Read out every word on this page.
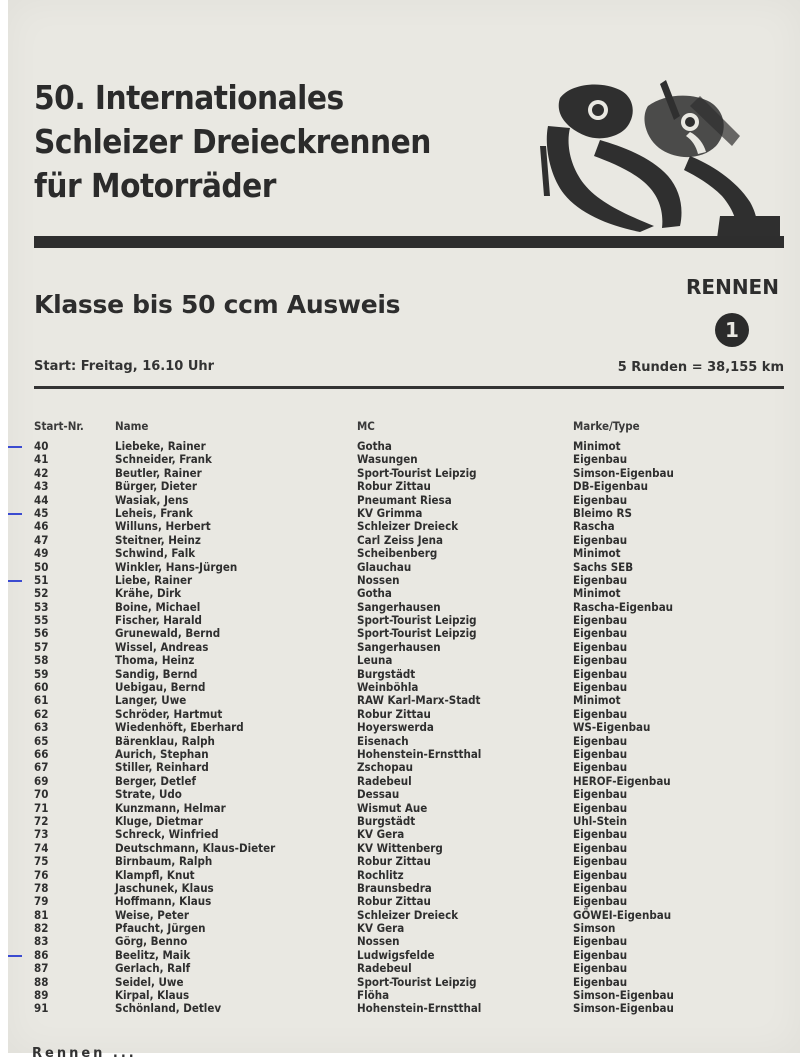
50. Internationales
Schleizer Dreieckrennen
für Motorräder
Klasse bis 50 ccm Ausweis
RENNEN
1
Start: Freitag, 16.10 Uhr	5 Runden = 38,155 km
Start-Nr.	Name	MC	Marke/Type
40	Liebeke, Rainer	Gotha	Minimot
41	Schneider, Frank	Wasungen	Eigenbau
42	Beutler, Rainer	Sport-Tourist Leipzig	Simson-Eigenbau
43	Bürger, Dieter	Robur Zittau	DB-Eigenbau
44	Wasiak, Jens	Pneumant Riesa	Eigenbau
45	Leheis, Frank	KV Grimma	Bleimo RS
46	Willuns, Herbert	Schleizer Dreieck	Rascha
47	Steitner, Heinz	Carl Zeiss Jena	Eigenbau
49	Schwind, Falk	Scheibenberg	Minimot
50	Winkler, Hans-Jürgen	Glauchau	Sachs SEB
51	Liebe, Rainer	Nossen	Eigenbau
52	Krähe, Dirk	Gotha	Minimot
53	Boine, Michael	Sangerhausen	Rascha-Eigenbau
55	Fischer, Harald	Sport-Tourist Leipzig	Eigenbau
56	Grunewald, Bernd	Sport-Tourist Leipzig	Eigenbau
57	Wissel, Andreas	Sangerhausen	Eigenbau
58	Thoma, Heinz	Leuna	Eigenbau
59	Sandig, Bernd	Burgstädt	Eigenbau
60	Uebigau, Bernd	Weinböhla	Eigenbau
61	Langer, Uwe	RAW Karl-Marx-Stadt	Minimot
62	Schröder, Hartmut	Robur Zittau	Eigenbau
63	Wiedenhöft, Eberhard	Hoyerswerda	WS-Eigenbau
65	Bärenklau, Ralph	Eisenach	Eigenbau
66	Aurich, Stephan	Hohenstein-Ernstthal	Eigenbau
67	Stiller, Reinhard	Zschopau	Eigenbau
69	Berger, Detlef	Radebeul	HEROF-Eigenbau
70	Strate, Udo	Dessau	Eigenbau
71	Kunzmann, Helmar	Wismut Aue	Eigenbau
72	Kluge, Dietmar	Burgstädt	Uhl-Stein
73	Schreck, Winfried	KV Gera	Eigenbau
74	Deutschmann, Klaus-Dieter	KV Wittenberg	Eigenbau
75	Birnbaum, Ralph	Robur Zittau	Eigenbau
76	Klampfl, Knut	Rochlitz	Eigenbau
78	Jaschunek, Klaus	Braunsbedra	Eigenbau
79	Hoffmann, Klaus	Robur Zittau	Eigenbau
81	Weise, Peter	Schleizer Dreieck	GÖWEI-Eigenbau
82	Pfaucht, Jürgen	KV Gera	Simson
83	Görg, Benno	Nossen	Eigenbau
86	Beelitz, Maik	Ludwigsfelde	Eigenbau
87	Gerlach, Ralf	Radebeul	Eigenbau
88	Seidel, Uwe	Sport-Tourist Leipzig	Eigenbau
89	Kirpal, Klaus	Flöha	Simson-Eigenbau
91	Schönland, Detlev	Hohenstein-Ernstthal	Simson-Eigenbau
Rennen ...
